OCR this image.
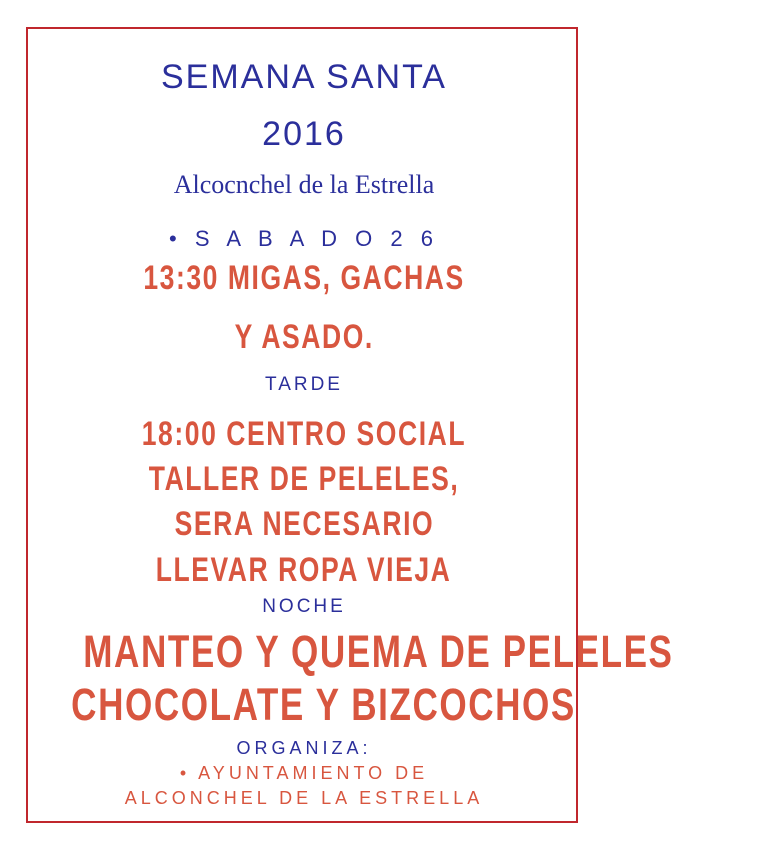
SEMANA SANTA
2016
Alcocnchel de la Estrella
• S A B A D O 2 6
13:30 MIGAS, GACHAS
Y ASADO.
TARDE
18:00 CENTRO SOCIAL
TALLER DE PELELES,
SERA NECESARIO
LLEVAR ROPA VIEJA
NOCHE
MANTEO Y QUEMA DE PELELES
CHOCOLATE Y BIZCOCHOS
ORGANIZA:
• AYUNTAMIENTO DE
ALCONCHEL DE LA ESTRELLA
